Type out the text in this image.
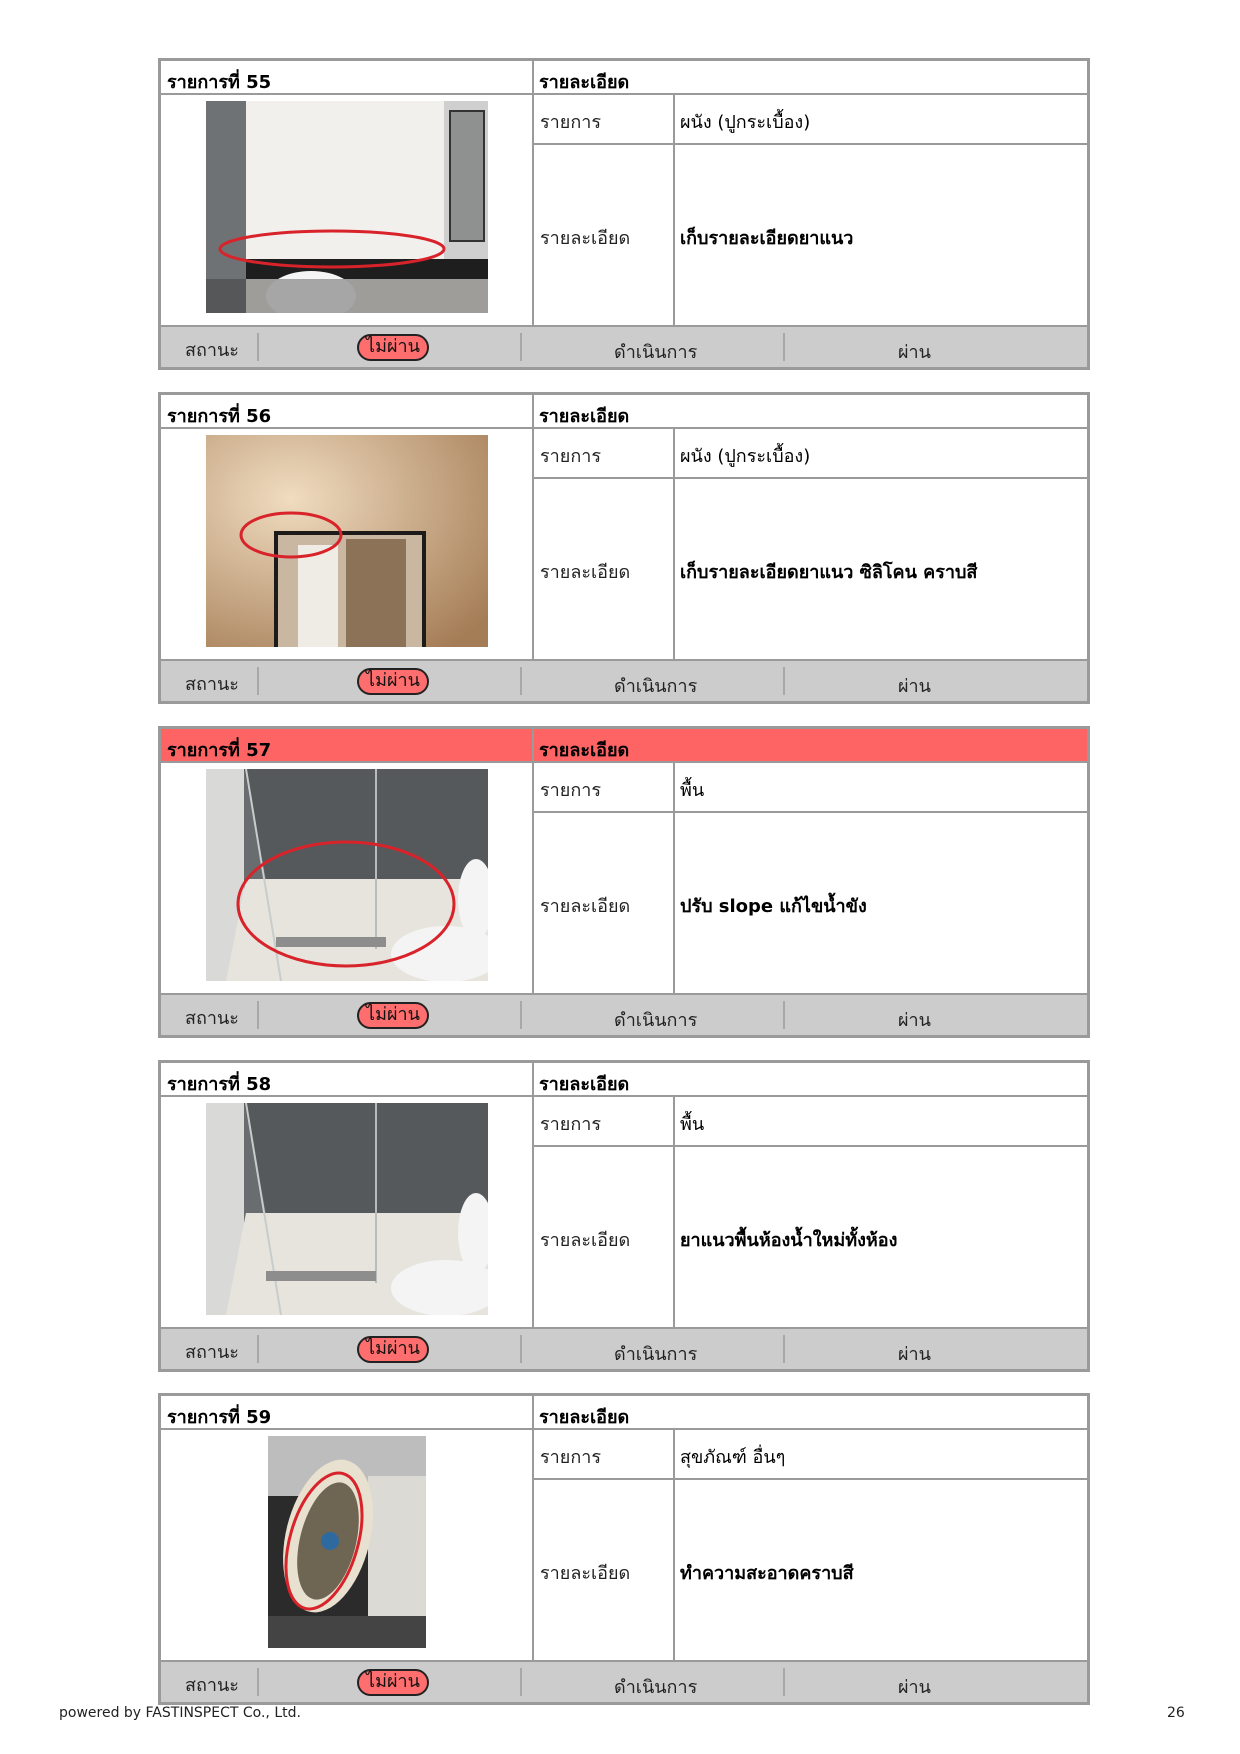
รายการที่ 55	รายละเอียด
รายการ	ผนัง (ปูกระเบื้อง)
รายละเอียด	เก็บรายละเอียดยาแนว
สถานะ	ไม่ผ่าน	ดำเนินการ	ผ่าน
รายการที่ 56	รายละเอียด
รายการ	ผนัง (ปูกระเบื้อง)
รายละเอียด	เก็บรายละเอียดยาแนว ซิลิโคน คราบสี
สถานะ	ไม่ผ่าน	ดำเนินการ	ผ่าน
รายการที่ 57	รายละเอียด
รายการ	พื้น
รายละเอียด	ปรับ slope แก้ไขน้ำขัง
สถานะ	ไม่ผ่าน	ดำเนินการ	ผ่าน
รายการที่ 58	รายละเอียด
รายการ	พื้น
รายละเอียด	ยาแนวพื้นห้องน้ำใหม่ทั้งห้อง
สถานะ	ไม่ผ่าน	ดำเนินการ	ผ่าน
รายการที่ 59	รายละเอียด
รายการ	สุขภัณฑ์ อื่นๆ
รายละเอียด	ทำความสะอาดคราบสี
สถานะ	ไม่ผ่าน	ดำเนินการ	ผ่าน
powered by FASTINSPECT Co., Ltd.	26
